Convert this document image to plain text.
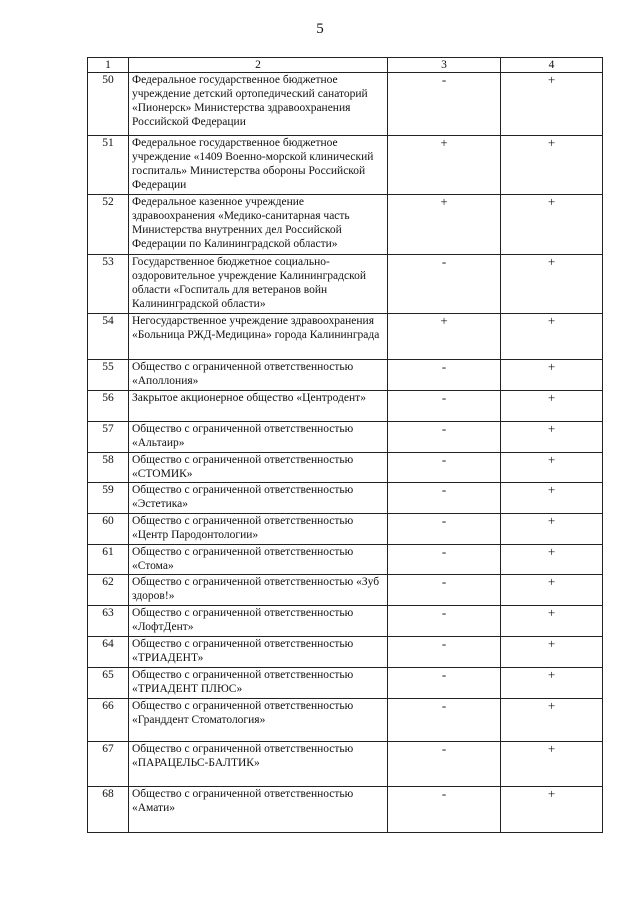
5
1	2	3	4
50	Федеральное государственное бюджетное учреждение детский ортопедический санаторий «Пионерск» Министерства здравоохранения Российской Федерации	-	+
51	Федеральное государственное бюджетное учреждение «1409 Военно-морской клинический госпиталь» Министерства обороны Российской Федерации	+	+
52	Федеральное казенное учреждение здравоохранения «Медико-санитарная часть Министерства внутренних дел Российской Федерации по Калининградской области»	+	+
53	Государственное бюджетное социально-оздоровительное учреждение Калининградской области «Госпиталь для ветеранов войн Калининградской области»	-	+
54	Негосударственное учреждение здравоохранения «Больница РЖД-Медицина» города Калининграда	+	+
55	Общество с ограниченной ответственностью «Аполлония»	-	+
56	Закрытое акционерное общество «Центродент»	-	+
57	Общество с ограниченной ответственностью «Альтаир»	-	+
58	Общество с ограниченной ответственностью «СТОМИК»	-	+
59	Общество с ограниченной ответственностью «Эстетика»	-	+
60	Общество с ограниченной ответственностью «Центр Пародонтологии»	-	+
61	Общество с ограниченной ответственностью «Стома»	-	+
62	Общество с ограниченной ответственностью «Зуб здоров!»	-	+
63	Общество с ограниченной ответственностью «ЛофтДент»	-	+
64	Общество с ограниченной ответственностью «ТРИАДЕНТ»	-	+
65	Общество с ограниченной ответственностью «ТРИАДЕНТ ПЛЮС»	-	+
66	Общество с ограниченной ответственностью «Гранддент Стоматология»	-	+
67	Общество с ограниченной ответственностью «ПАРАЦЕЛЬС-БАЛТИК»	-	+
68	Общество с ограниченной ответственностью «Амати»	-	+
